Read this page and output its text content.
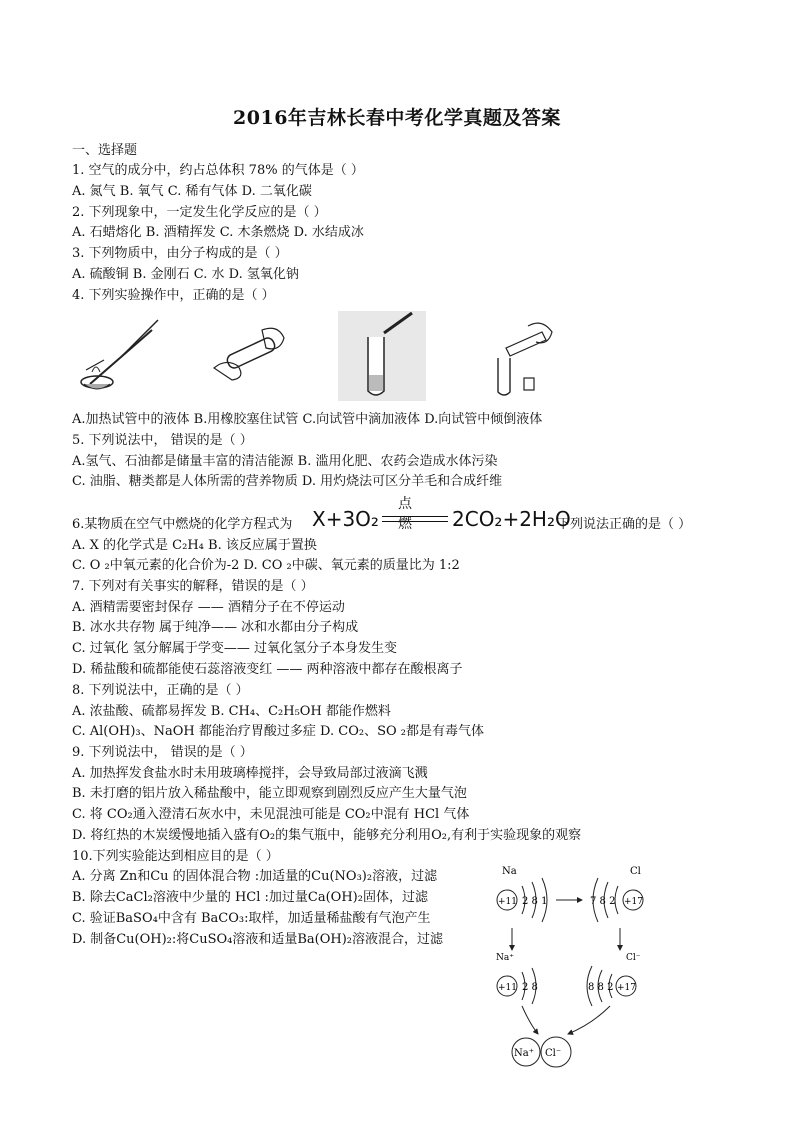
2016年吉林长春中考化学真题及答案
一、选择题
1. 空气的成分中，约占总体积 78% 的气体是（ ）
A. 氮气 B. 氧气 C. 稀有气体 D. 二氧化碳
2. 下列现象中，一定发生化学反应的是（ ）
A. 石蜡熔化 B. 酒精挥发 C. 木条燃烧 D. 水结成冰
3. 下列物质中，由分子构成的是（ ）
A. 硫酸铜 B. 金刚石 C. 水 D. 氢氧化钠
4. 下列实验操作中，正确的是（ ）
A.加热试管中的液体 B.用橡胶塞住试管 C.向试管中滴加液体 D.向试管中倾倒液体
5. 下列说法中， 错误的是（ ）
A.氢气、石油都是储量丰富的清洁能源 B. 滥用化肥、农药会造成水体污染
C. 油脂、糖类都是人体所需的营养物质 D. 用灼烧法可区分羊毛和合成纤维
6.某物质在空气中燃烧的化学方程式为 X+3O₂
点燃 2CO₂+2H₂O
下列说法正确的是（ ）
A. X 的化学式是 C₂H₄ B. 该反应属于置换
C. O ₂中氧元素的化合价为-2 D. CO ₂中碳、氧元素的质量比为 1:2
7. 下列对有关事实的解释，错误的是（ ）
A. 酒精需要密封保存 —— 酒精分子在不停运动
B. 冰水共存物 属于纯净—— 冰和水都由分子构成
C. 过氧化 氢分解属于学变—— 过氧化氢分子本身发生变
D. 稀盐酸和硫都能使石蕊溶液变红 —— 两种溶液中都存在酸根离子
8. 下列说法中，正确的是（ ）
A. 浓盐酸、硫都易挥发 B. CH₄、C₂H₅OH 都能作燃料
C. Al(OH)₃、NaOH 都能治疗胃酸过多症 D. CO₂、SO ₂都是有毒气体
9. 下列说法中， 错误的是（ ）
A. 加热挥发食盐水时未用玻璃棒搅拌，会导致局部过液滴飞溅
B. 未打磨的铝片放入稀盐酸中，能立即观察到剧烈反应产生大量气泡
C. 将 CO₂通入澄清石灰水中，未见混浊可能是 CO₂中混有 HCl 气体
D. 将红热的木炭缓慢地插入盛有O₂的集气瓶中，能够充分利用O₂,有利于实验现象的观察
10.下列实验能达到相应目的是（ ）
A. 分离 Zn和Cu 的固体混合物 :加适量的Cu(NO₃)₂溶液，过滤
B. 除去CaCl₂溶液中少量的 HCl :加过量Ca(OH)₂固体，过滤
C. 验证BaSO₄中含有 BaCO₃:取样，加适量稀盐酸有气泡产生
D. 制备Cu(OH)₂:将CuSO₄溶液和适量Ba(OH)₂溶液混合，过滤
Na
+11 2 8 1
Cl
7 8 2 +17
Na⁺
+11 2 8
Cl⁻
8 8 2 +17
Na⁺ Cl⁻
